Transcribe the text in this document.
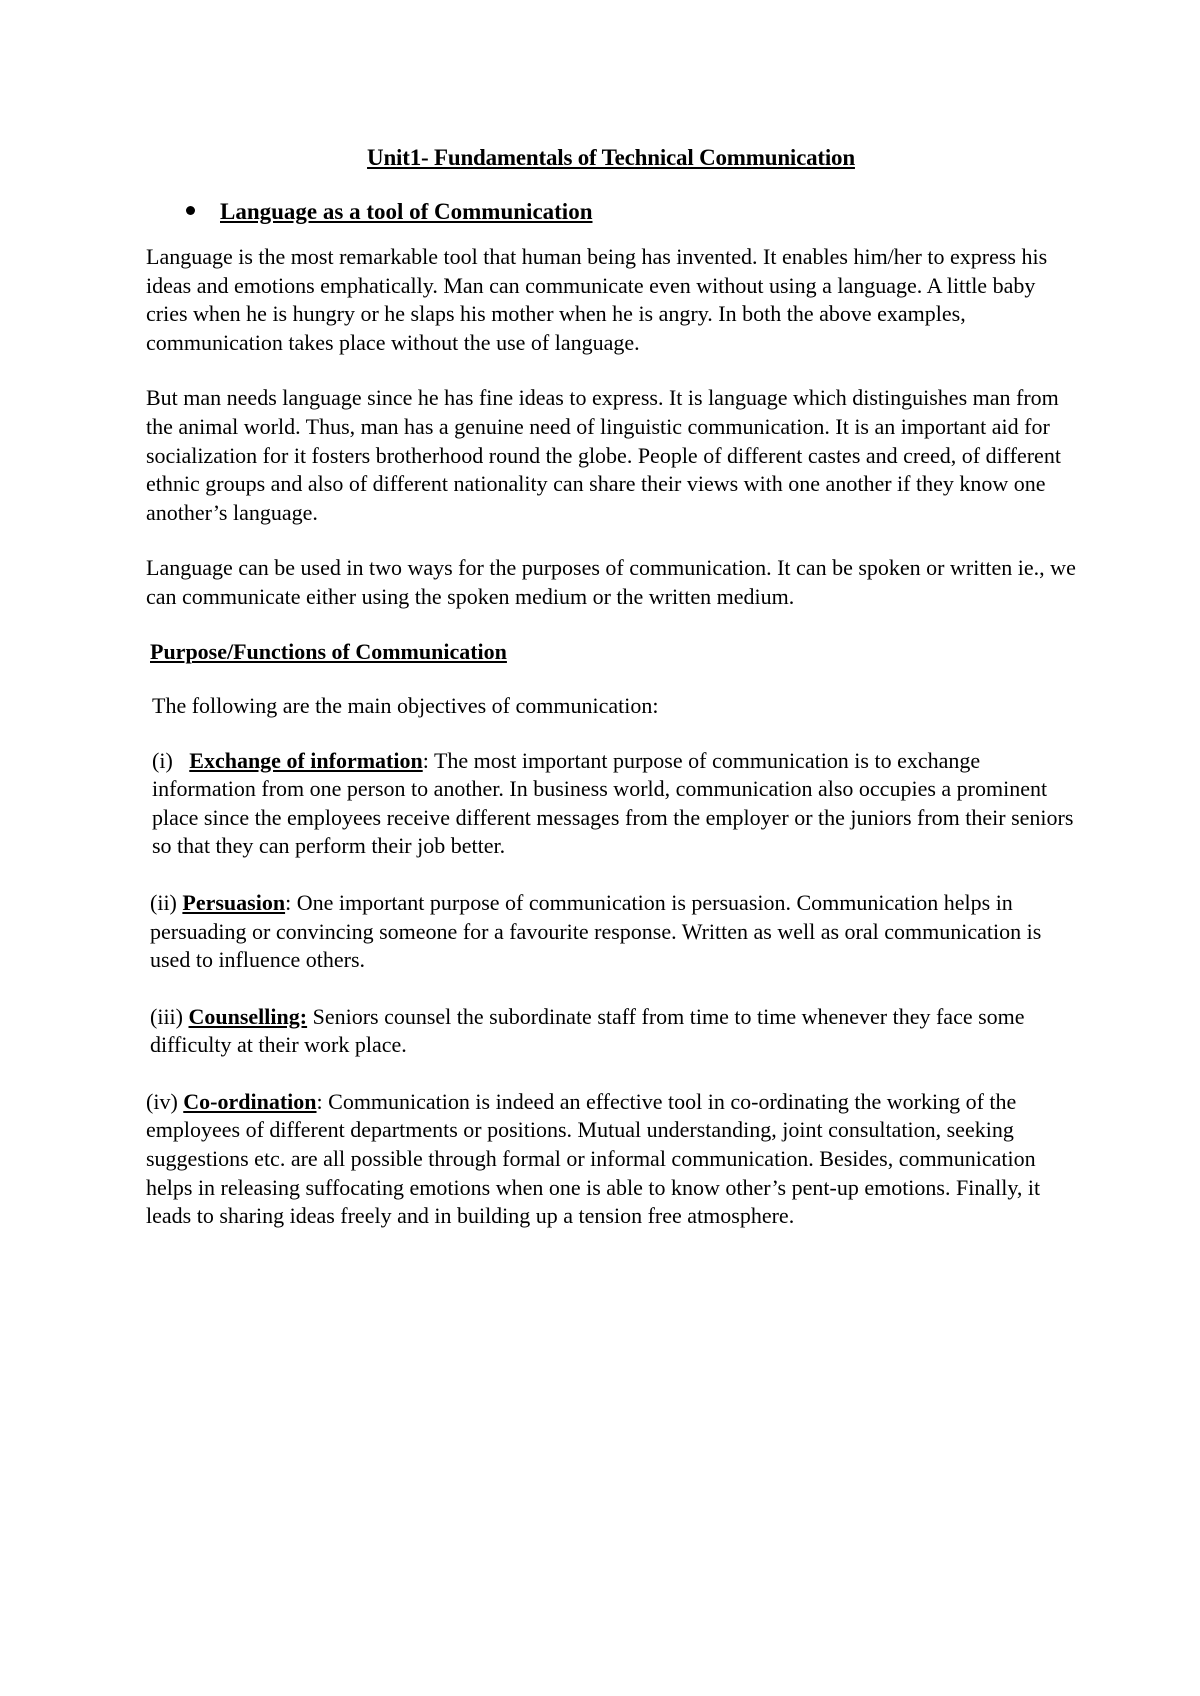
Unit1- Fundamentals of Technical Communication
Language as a tool of Communication

Language is the most remarkable tool that human being has invented. It enables him/her to express his ideas and emotions emphatically. Man can communicate even without using a language. A little baby cries when he is hungry or he slaps his mother when he is angry. In both the above examples, communication takes place without the use of language.

But man needs language since he has fine ideas to express. It is language which distinguishes man from the animal world. Thus, man has a genuine need of linguistic communication. It is an important aid for socialization for it fosters brotherhood round the globe. People of different castes and creed, of different ethnic groups and also of different nationality can share their views with one another if they know one another’s language.

Language can be used in two ways for the purposes of communication. It can be spoken or written ie., we can communicate either using the spoken medium or the written medium.

Purpose/Functions of Communication
The following are the main objectives of communication:
(i) Exchange of information: The most important purpose of communication is to exchange information from one person to another. In business world, communication also occupies a prominent place since the employees receive different messages from the employer or the juniors from their seniors so that they can perform their job better.
(ii) Persuasion: One important purpose of communication is persuasion. Communication helps in persuading or convincing someone for a favourite response. Written as well as oral communication is used to influence others.
(iii) Counselling: Seniors counsel the subordinate staff from time to time whenever they face some difficulty at their work place.
(iv) Co-ordination: Communication is indeed an effective tool in co-ordinating the working of the employees of different departments or positions. Mutual understanding, joint consultation, seeking suggestions etc. are all possible through formal or informal communication. Besides, communication helps in releasing suffocating emotions when one is able to know other’s pent-up emotions. Finally, it leads to sharing ideas freely and in building up a tension free atmosphere.
